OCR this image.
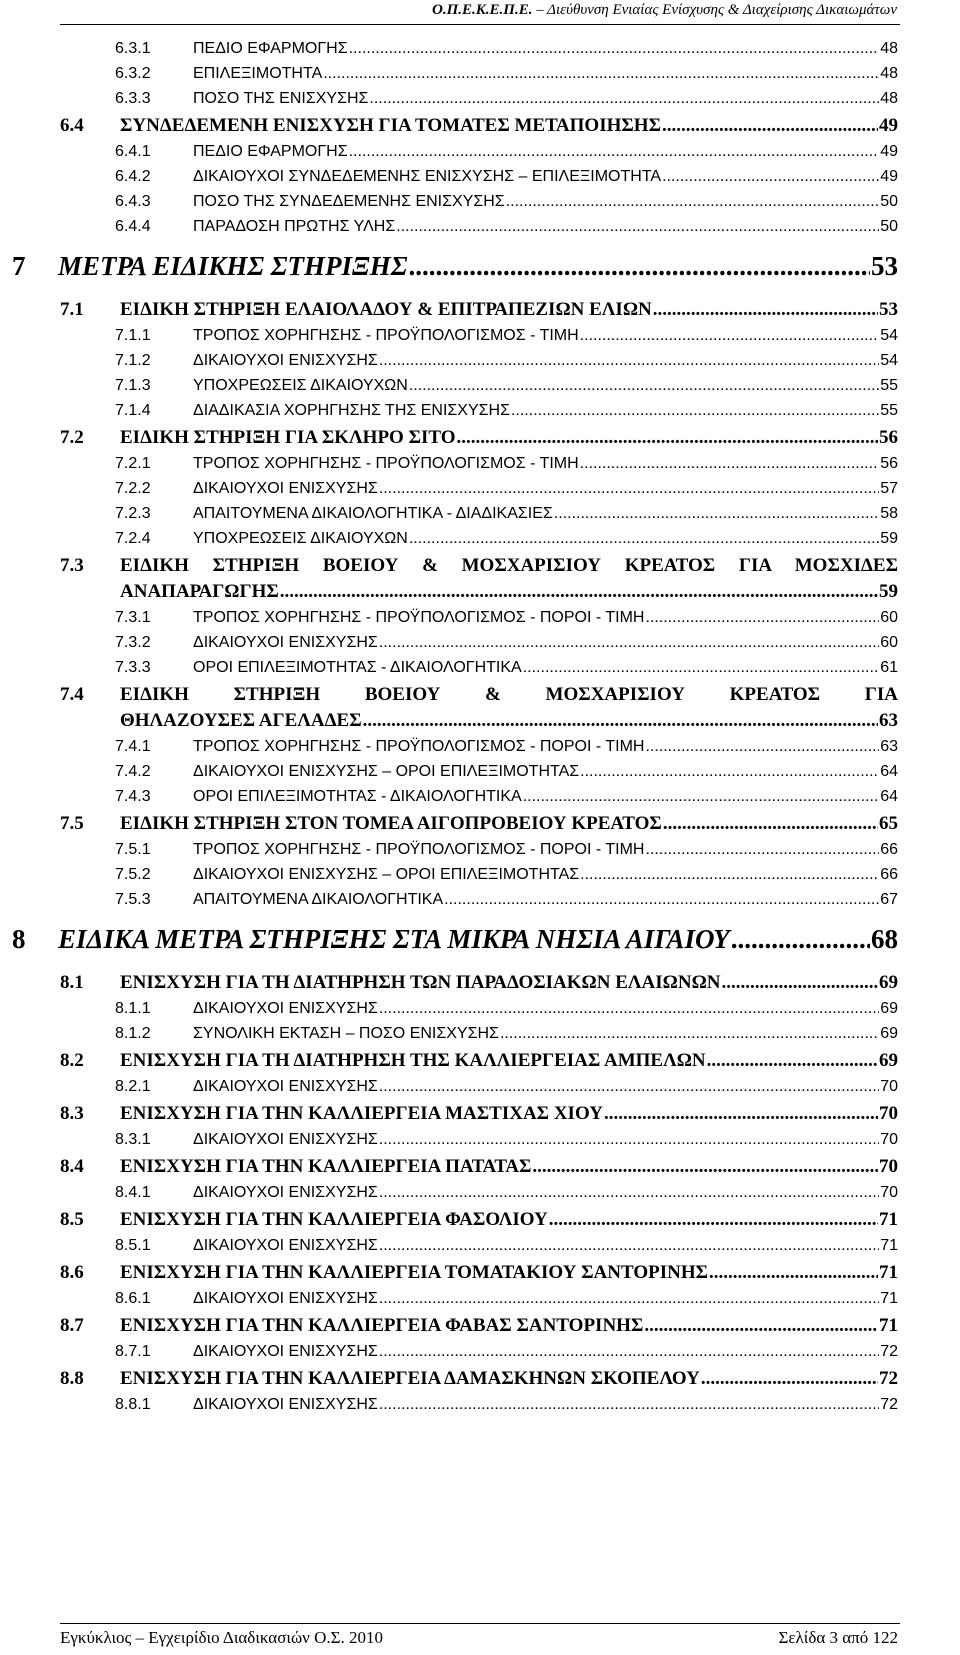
Ο.Π.Ε.Κ.Ε.Π.Ε. – Διεύθυνση Ενιαίας Ενίσχυσης & Διαχείρισης Δικαιωμάτων
6.3.1	ΠΕΔΙΟ ΕΦΑΡΜΟΓΗΣ .....	48
6.3.2	ΕΠΙΛΕΞΙΜΟΤΗΤΑ .....	48
6.3.3	ΠΟΣΟ ΤΗΣ ΕΝΙΣΧΥΣΗΣ .....	48
6.4 ΣΥΝΔΕΔΕΜΕΝΗ ΕΝΙΣΧΥΣΗ ΓΙΑ ΤΟΜΑΤΕΣ ΜΕΤΑΠΟΙΗΣΗΣ .....	49
6.4.1	ΠΕΔΙΟ ΕΦΑΡΜΟΓΗΣ .....	49
6.4.2	ΔΙΚΑΙΟΥΧΟΙ ΣΥΝΔΕΔΕΜΕΝΗΣ ΕΝΙΣΧΥΣΗΣ – ΕΠΙΛΕΞΙΜΟΤΗΤΑ .....	49
6.4.3	ΠΟΣΟ ΤΗΣ ΣΥΝΔΕΔΕΜΕΝΗΣ ΕΝΙΣΧΥΣΗΣ .....	50
6.4.4	ΠΑΡΑΔΟΣΗ ΠΡΩΤΗΣ ΥΛΗΣ .....	50
7 ΜΕΤΡΑ ΕΙΔΙΚΗΣ ΣΤΗΡΙΞΗΣ .....	53
7.1 ΕΙΔΙΚΗ ΣΤΗΡΙΞΗ ΕΛΑΙΟΛΑΔΟΥ & ΕΠΙΤΡΑΠΕΖΙΩΝ ΕΛΙΩΝ .....	53
7.1.1	ΤΡΟΠΟΣ ΧΟΡΗΓΗΣΗΣ - ΠΡΟΫΠΟΛΟΓΙΣΜΟΣ - ΤΙΜΗ .....	54
7.1.2	ΔΙΚΑΙΟΥΧΟΙ ΕΝΙΣΧΥΣΗΣ .....	54
7.1.3	ΥΠΟΧΡΕΩΣΕΙΣ ΔΙΚΑΙΟΥΧΩΝ .....	55
7.1.4	ΔΙΑΔΙΚΑΣΙΑ ΧΟΡΗΓΗΣΗΣ ΤΗΣ ΕΝΙΣΧΥΣΗΣ .....	55
7.2 ΕΙΔΙΚΗ ΣΤΗΡΙΞΗ ΓΙΑ ΣΚΛΗΡΟ ΣΙΤΟ .....	56
7.2.1	ΤΡΟΠΟΣ ΧΟΡΗΓΗΣΗΣ - ΠΡΟΫΠΟΛΟΓΙΣΜΟΣ - ΤΙΜΗ .....	56
7.2.2	ΔΙΚΑΙΟΥΧΟΙ ΕΝΙΣΧΥΣΗΣ .....	57
7.2.3	ΑΠΑΙΤΟΥΜΕΝΑ ΔΙΚΑΙΟΛΟΓΗΤΙΚΑ - ΔΙΑΔΙΚΑΣΙΕΣ .....	58
7.2.4	ΥΠΟΧΡΕΩΣΕΙΣ ΔΙΚΑΙΟΥΧΩΝ .....	59
7.3 ΕΙΔΙΚΗ ΣΤΗΡΙΞΗ ΒΟΕΙΟΥ & ΜΟΣΧΑΡΙΣΙΟΥ ΚΡΕΑΤΟΣ ΓΙΑ ΜΟΣΧΙΔΕΣ
ΑΝΑΠΑΡΑΓΩΓΗΣ .....	59
7.3.1	ΤΡΟΠΟΣ ΧΟΡΗΓΗΣΗΣ - ΠΡΟΫΠΟΛΟΓΙΣΜΟΣ - ΠΟΡΟΙ - ΤΙΜΗ .....	60
7.3.2	ΔΙΚΑΙΟΥΧΟΙ ΕΝΙΣΧΥΣΗΣ .....	60
7.3.3	ΟΡΟΙ ΕΠΙΛΕΞΙΜΟΤΗΤΑΣ - ΔΙΚΑΙΟΛΟΓΗΤΙΚΑ .....	61
7.4 ΕΙΔΙΚΗ ΣΤΗΡΙΞΗ ΒΟΕΙΟΥ & ΜΟΣΧΑΡΙΣΙΟΥ ΚΡΕΑΤΟΣ ΓΙΑ
ΘΗΛΑΖΟΥΣΕΣ ΑΓΕΛΑΔΕΣ .....	63
7.4.1	ΤΡΟΠΟΣ ΧΟΡΗΓΗΣΗΣ - ΠΡΟΫΠΟΛΟΓΙΣΜΟΣ - ΠΟΡΟΙ - ΤΙΜΗ .....	63
7.4.2	ΔΙΚΑΙΟΥΧΟΙ ΕΝΙΣΧΥΣΗΣ – ΟΡΟΙ ΕΠΙΛΕΞΙΜΟΤΗΤΑΣ .....	64
7.4.3	ΟΡΟΙ ΕΠΙΛΕΞΙΜΟΤΗΤΑΣ - ΔΙΚΑΙΟΛΟΓΗΤΙΚΑ .....	64
7.5 ΕΙΔΙΚΗ ΣΤΗΡΙΞΗ ΣΤΟΝ ΤΟΜΕΑ ΑΙΓΟΠΡΟΒΕΙΟΥ ΚΡΕΑΤΟΣ .....	65
7.5.1	ΤΡΟΠΟΣ ΧΟΡΗΓΗΣΗΣ - ΠΡΟΫΠΟΛΟΓΙΣΜΟΣ - ΠΟΡΟΙ - ΤΙΜΗ .....	66
7.5.2	ΔΙΚΑΙΟΥΧΟΙ ΕΝΙΣΧΥΣΗΣ – ΟΡΟΙ ΕΠΙΛΕΞΙΜΟΤΗΤΑΣ .....	66
7.5.3	ΑΠΑΙΤΟΥΜΕΝΑ ΔΙΚΑΙΟΛΟΓΗΤΙΚΑ .....	67
8 ΕΙΔΙΚΑ ΜΕΤΡΑ ΣΤΗΡΙΞΗΣ ΣΤΑ ΜΙΚΡΑ ΝΗΣΙΑ ΑΙΓΑΙΟΥ .....	68
8.1 ΕΝΙΣΧΥΣΗ ΓΙΑ ΤΗ ΔΙΑΤΗΡΗΣΗ ΤΩΝ ΠΑΡΑΔΟΣΙΑΚΩΝ ΕΛΑΙΩΝΩΝ .....	69
8.1.1	ΔΙΚΑΙΟΥΧΟΙ ΕΝΙΣΧΥΣΗΣ .....	69
8.1.2	ΣΥΝΟΛΙΚΗ ΕΚΤΑΣΗ – ΠΟΣΟ ΕΝΙΣΧΥΣΗΣ .....	69
8.2 ΕΝΙΣΧΥΣΗ ΓΙΑ ΤΗ ΔΙΑΤΗΡΗΣΗ ΤΗΣ ΚΑΛΛΙΕΡΓΕΙΑΣ ΑΜΠΕΛΩΝ .....	69
8.2.1	ΔΙΚΑΙΟΥΧΟΙ ΕΝΙΣΧΥΣΗΣ .....	70
8.3 ΕΝΙΣΧΥΣΗ ΓΙΑ ΤΗΝ ΚΑΛΛΙΕΡΓΕΙΑ ΜΑΣΤΙΧΑΣ ΧΙΟΥ .....	70
8.3.1	ΔΙΚΑΙΟΥΧΟΙ ΕΝΙΣΧΥΣΗΣ .....	70
8.4 ΕΝΙΣΧΥΣΗ ΓΙΑ ΤΗΝ ΚΑΛΛΙΕΡΓΕΙΑ ΠΑΤΑΤΑΣ .....	70
8.4.1	ΔΙΚΑΙΟΥΧΟΙ ΕΝΙΣΧΥΣΗΣ .....	70
8.5 ΕΝΙΣΧΥΣΗ ΓΙΑ ΤΗΝ ΚΑΛΛΙΕΡΓΕΙΑ ΦΑΣΟΛΙΟΥ .....	71
8.5.1	ΔΙΚΑΙΟΥΧΟΙ ΕΝΙΣΧΥΣΗΣ .....	71
8.6 ΕΝΙΣΧΥΣΗ ΓΙΑ ΤΗΝ ΚΑΛΛΙΕΡΓΕΙΑ ΤΟΜΑΤΑΚΙΟΥ ΣΑΝΤΟΡΙΝΗΣ .....	71
8.6.1	ΔΙΚΑΙΟΥΧΟΙ ΕΝΙΣΧΥΣΗΣ .....	71
8.7 ΕΝΙΣΧΥΣΗ ΓΙΑ ΤΗΝ ΚΑΛΛΙΕΡΓΕΙΑ ΦΑΒΑΣ ΣΑΝΤΟΡΙΝΗΣ .....	71
8.7.1	ΔΙΚΑΙΟΥΧΟΙ ΕΝΙΣΧΥΣΗΣ .....	72
8.8 ΕΝΙΣΧΥΣΗ ΓΙΑ ΤΗΝ ΚΑΛΛΙΕΡΓΕΙΑ ΔΑΜΑΣΚΗΝΩΝ ΣΚΟΠΕΛΟΥ .....	72
8.8.1	ΔΙΚΑΙΟΥΧΟΙ ΕΝΙΣΧΥΣΗΣ .....	72
Εγκύκλιος – Εγχειρίδιο Διαδικασιών Ο.Σ. 2010	Σελίδα 3 από 122
